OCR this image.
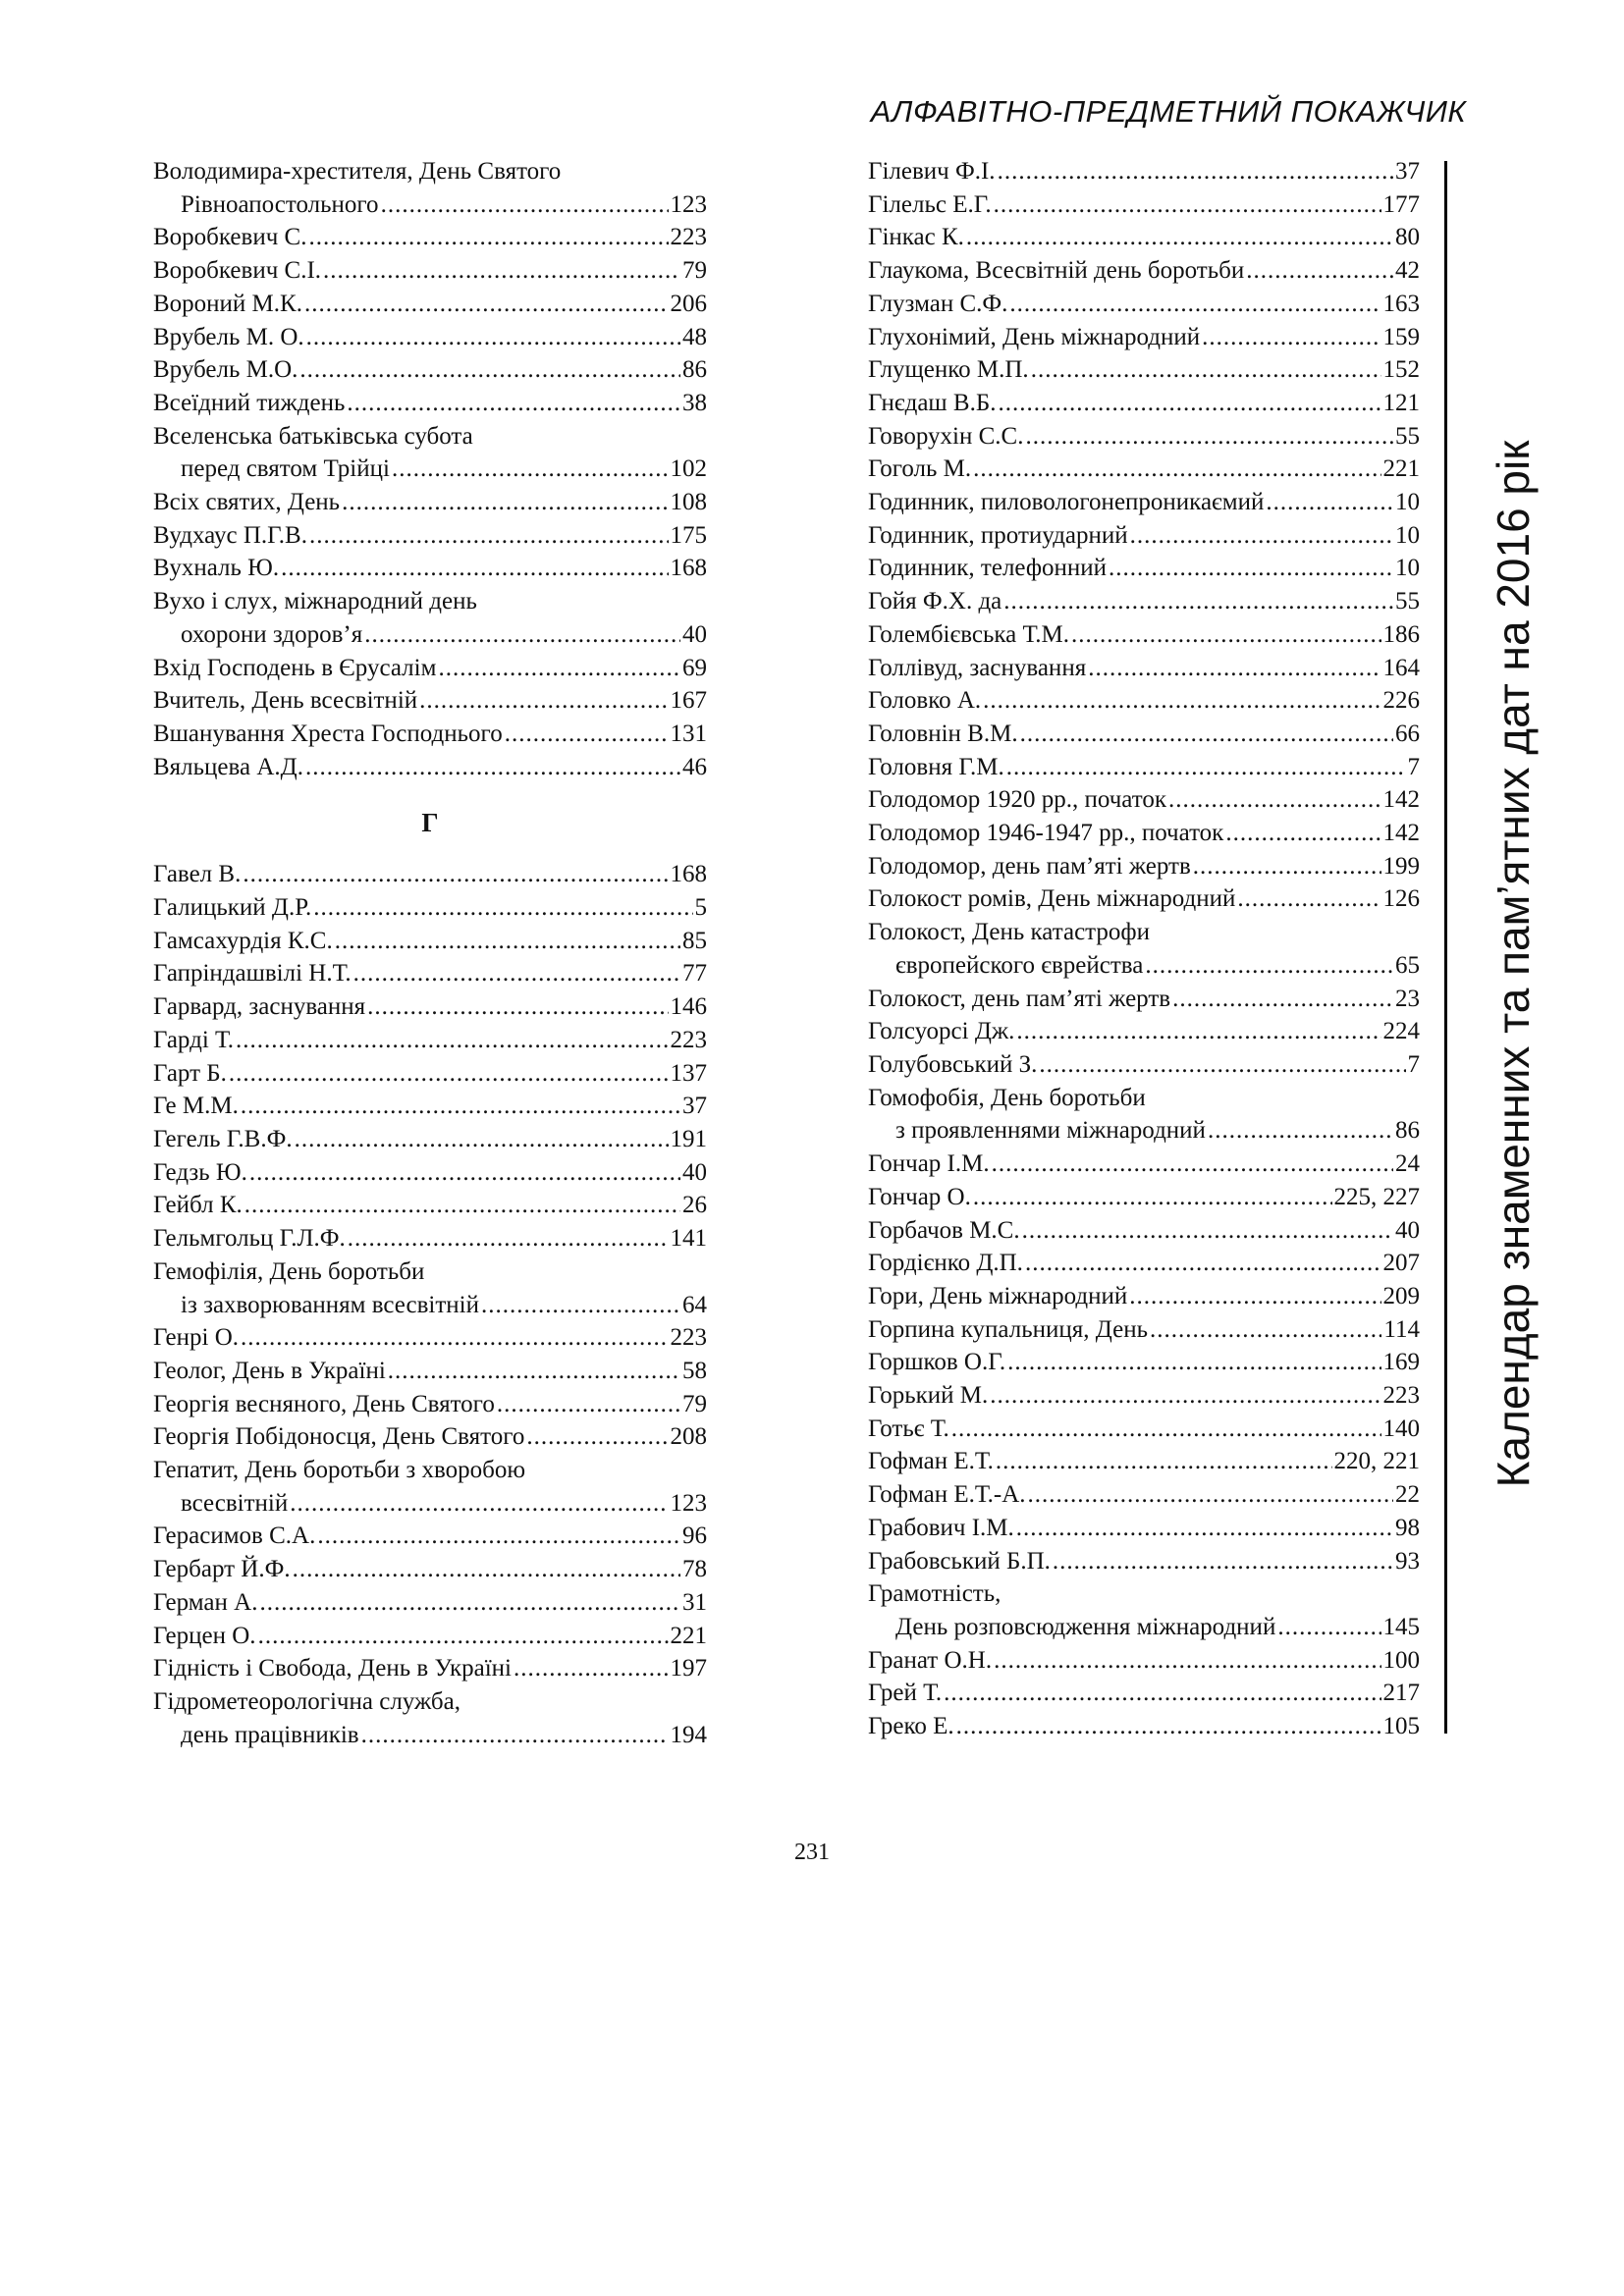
АЛФАВІТНО-ПРЕДМЕТНИЙ ПОКАЖЧИК
Володимира-хрестителя, День Святого
Рівноапостольного .....	123
Воробкевич С. .....	223
Воробкевич С.І. .....	79
Вороний М.К. .....	206
Врубель М. О. .....	48
Врубель М.О. .....	86
Всеїдний тиждень .....	38
Вселенська батьківська субота
перед святом Трійці .....	102
Всіх святих, День .....	108
Вудхаус П.Г.В. .....	175
Вухналь Ю. .....	168
Вухо і слух, міжнародний день
охорони здоров’я .....	40
Вхід Господень в Єрусалім .....	69
Вчитель, День всесвітній .....	167
Вшанування Хреста Господнього .....	131
Вяльцева А.Д. .....	46
Г
Гавел В. .....	168
Галицький Д.Р. .....	5
Гамсахурдія К.С. .....	85
Гапріндашвілі Н.Т. .....	77
Гарвард, заснування .....	146
Гарді Т. .....	223
Гарт Б. .....	137
Ге М.М. .....	37
Гегель Г.В.Ф. .....	191
Гедзь Ю. .....	40
Гейбл К. .....	26
Гельмгольц Г.Л.Ф. .....	141
Гемофілія, День боротьби
із захворюванням всесвітній .....	64
Генрі О. .....	223
Геолог, День в Україні .....	58
Георгія весняного, День Святого .....	79
Георгія Побідоносця, День Святого .....	208
Гепатит, День боротьби з хворобою
всесвітній .....	123
Герасимов С.А. .....	96
Гербарт Й.Ф. .....	78
Герман А. .....	31
Герцен О. .....	221
Гідність і Свобода, День в Україні .....	197
Гідрометеорологічна служба,
день працівників .....	194
Гілевич Ф.І. .....	37
Гілельс Е.Г. .....	177
Гінкас К. .....	80
Глаукома, Всесвітній день боротьби .....	42
Глузман С.Ф. .....	163
Глухонімий, День міжнародний .....	159
Глущенко М.П. .....	152
Гнєдаш В.Б. .....	121
Говорухін С.С. .....	55
Гоголь М. .....	221
Годинник, пиловологонепроникаємий .....	10
Годинник, протиударний .....	10
Годинник, телефонний .....	10
Гойя Ф.Х. да .....	55
Голембієвська Т.М. .....	186
Голлівуд, заснування .....	164
Головко А. .....	226
Головнін В.М. .....	66
Головня Г.М. .....	7
Голодомор 1920 рр., початок .....	142
Голодомор 1946-1947 рр., початок .....	142
Голодомор, день пам’яті жертв .....	199
Голокост ромів, День міжнародний .....	126
Голокост, День катастрофи
європейского єврейства .....	65
Голокост, день пам’яті жертв .....	23
Голсуорсі Дж. .....	224
Голубовський З. .....	7
Гомофобія, День боротьби
з проявленнями міжнародний .....	86
Гончар І.М. .....	24
Гончар О. .....	225, 227
Горбачов М.С. .....	40
Гордієнко Д.П. .....	207
Гори, День міжнародний .....	209
Горпина купальниця, День .....	114
Горшков О.Г. .....	169
Горький М. .....	223
Готьє Т. .....	140
Гофман Е.Т. .....	220, 221
Гофман Е.Т.-А. .....	22
Грабович І.М. .....	98
Грабовський Б.П. .....	93
Грамотність,
День розповсюдження міжнародний .....	145
Гранат О.Н. .....	100
Грей Т. .....	217
Греко Е. .....	105
Календар знаменних та пам’ятних дат на 2016 рік
231
